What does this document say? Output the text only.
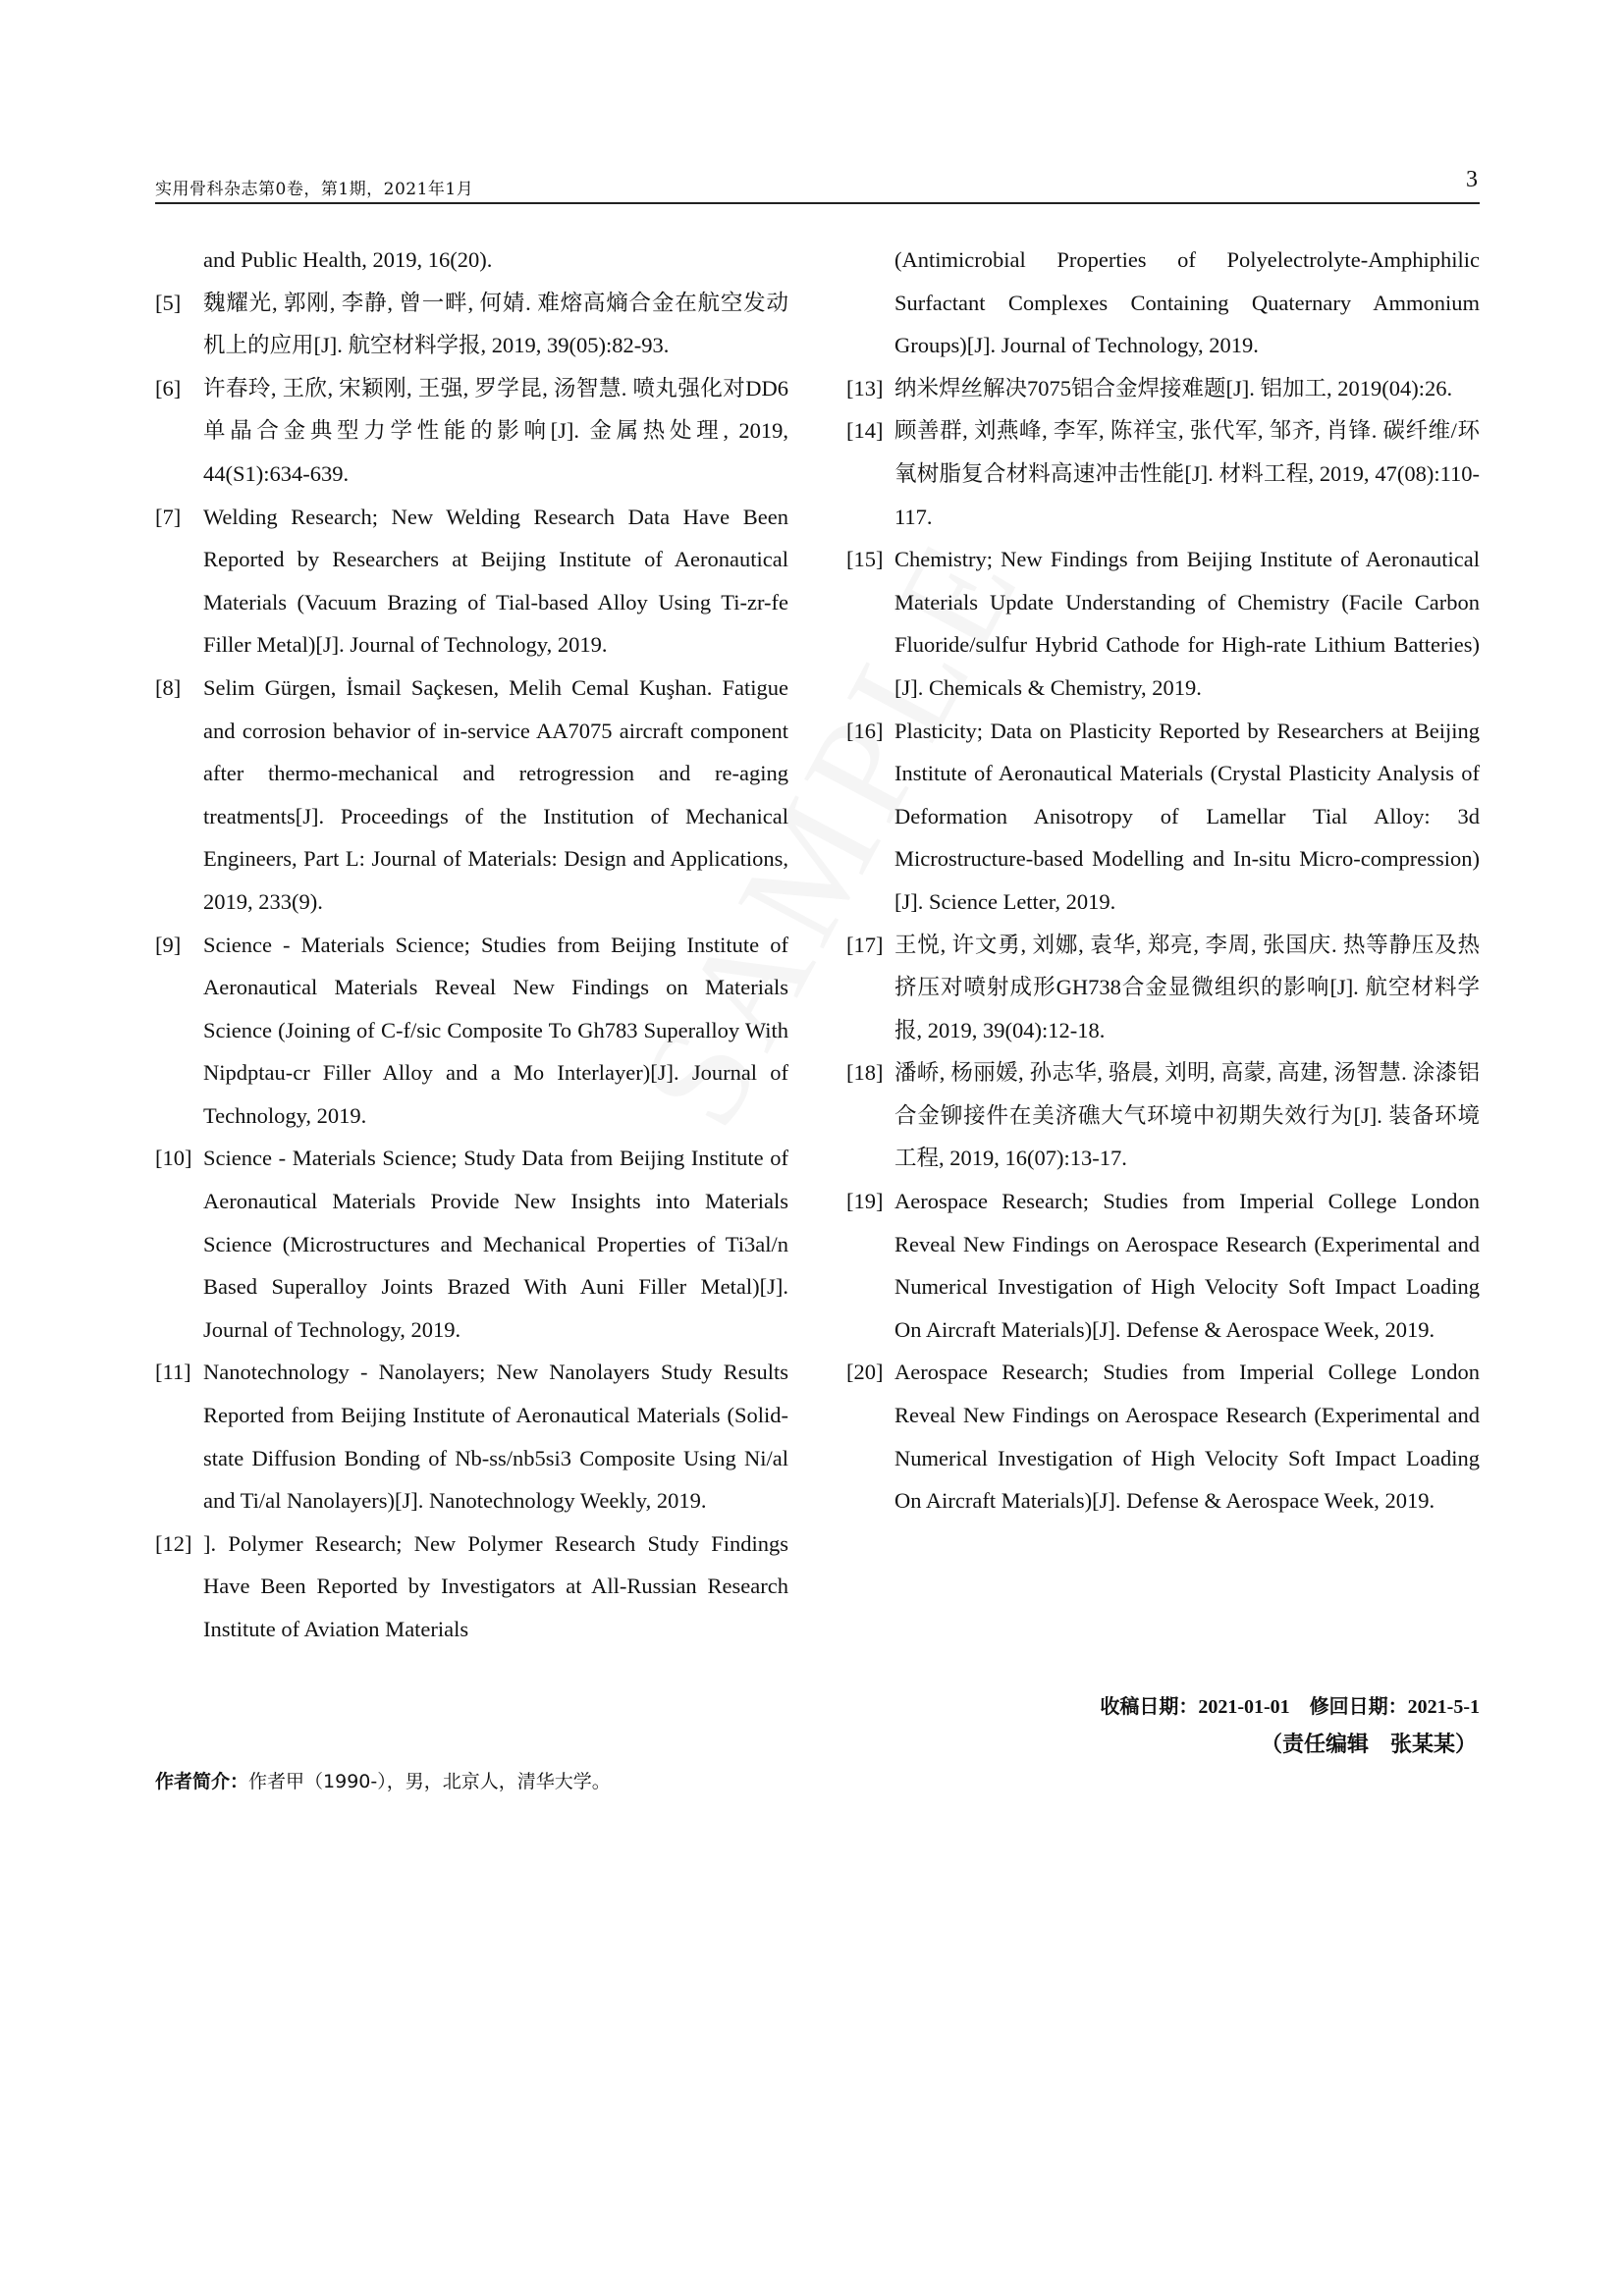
实用骨科杂志第0卷，第1期，2021年1月	3
and Public Health, 2019, 16(20).
[5] 魏耀光, 郭刚, 李静, 曾一畔, 何婧. 难熔高熵合金在航空发动机上的应用[J]. 航空材料学报, 2019, 39(05):82-93.
[6] 许春玲, 王欣, 宋颖刚, 王强, 罗学昆, 汤智慧. 喷丸强化对DD6单晶合金典型力学性能的影响[J]. 金属热处理, 2019, 44(S1):634-639.
[7] Welding Research; New Welding Research Data Have Been Reported by Researchers at Beijing Institute of Aeronautical Materials (Vacuum Brazing of Tial-based Alloy Using Ti-zr-fe Filler Metal)[J]. Journal of Technology, 2019.
[8] Selim Gürgen, İsmail Saçkesen, Melih Cemal Kuşhan. Fatigue and corrosion behavior of in-service AA7075 aircraft component after thermo-mechanical and retrogression and re-aging treatments[J]. Proceedings of the Institution of Mechanical Engineers, Part L: Journal of Materials: Design and Applications, 2019, 233(9).
[9] Science - Materials Science; Studies from Beijing Institute of Aeronautical Materials Reveal New Findings on Materials Science (Joining of C-f/sic Composite To Gh783 Superalloy With Nipdptau-cr Filler Alloy and a Mo Interlayer)[J]. Journal of Technology, 2019.
[10] Science - Materials Science; Study Data from Beijing Institute of Aeronautical Materials Provide New Insights into Materials Science (Microstructures and Mechanical Properties of Ti3al/n Based Superalloy Joints Brazed With Auni Filler Metal)[J]. Journal of Technology, 2019.
[11] Nanotechnology - Nanolayers; New Nanolayers Study Results Reported from Beijing Institute of Aeronautical Materials (Solid-state Diffusion Bonding of Nb-ss/nb5si3 Composite Using Ni/al and Ti/al Nanolayers)[J]. Nanotechnology Weekly, 2019.
[12] ]. Polymer Research; New Polymer Research Study Findings Have Been Reported by Investigators at All-Russian Research Institute of Aviation Materials
(Antimicrobial Properties of Polyelectrolyte-Amphiphilic Surfactant Complexes Containing Quaternary Ammonium Groups)[J]. Journal of Technology, 2019.
[13] 纳米焊丝解决7075铝合金焊接难题[J]. 铝加工, 2019(04):26.
[14] 顾善群, 刘燕峰, 李军, 陈祥宝, 张代军, 邹齐, 肖锋. 碳纤维/环氧树脂复合材料高速冲击性能[J]. 材料工程, 2019, 47(08):110-117.
[15] Chemistry; New Findings from Beijing Institute of Aeronautical Materials Update Understanding of Chemistry (Facile Carbon Fluoride/sulfur Hybrid Cathode for High-rate Lithium Batteries)[J]. Chemicals & Chemistry, 2019.
[16] Plasticity; Data on Plasticity Reported by Researchers at Beijing Institute of Aeronautical Materials (Crystal Plasticity Analysis of Deformation Anisotropy of Lamellar Tial Alloy: 3d Microstructure-based Modelling and In-situ Micro-compression)[J]. Science Letter, 2019.
[17] 王悦, 许文勇, 刘娜, 袁华, 郑亮, 李周, 张国庆. 热等静压及热挤压对喷射成形GH738合金显微组织的影响[J]. 航空材料学报, 2019, 39(04):12-18.
[18] 潘峤, 杨丽媛, 孙志华, 骆晨, 刘明, 高蒙, 高建, 汤智慧. 涂漆铝合金铆接件在美济礁大气环境中初期失效行为[J]. 装备环境工程, 2019, 16(07):13-17.
[19] Aerospace Research; Studies from Imperial College London Reveal New Findings on Aerospace Research (Experimental and Numerical Investigation of High Velocity Soft Impact Loading On Aircraft Materials)[J]. Defense & Aerospace Week, 2019.
[20] Aerospace Research; Studies from Imperial College London Reveal New Findings on Aerospace Research (Experimental and Numerical Investigation of High Velocity Soft Impact Loading On Aircraft Materials)[J]. Defense & Aerospace Week, 2019.
收稿日期：2021-01-01　修回日期：2021-5-1
（责任编辑　张某某）
作者简介：作者甲（1990-），男，北京人，清华大学。
